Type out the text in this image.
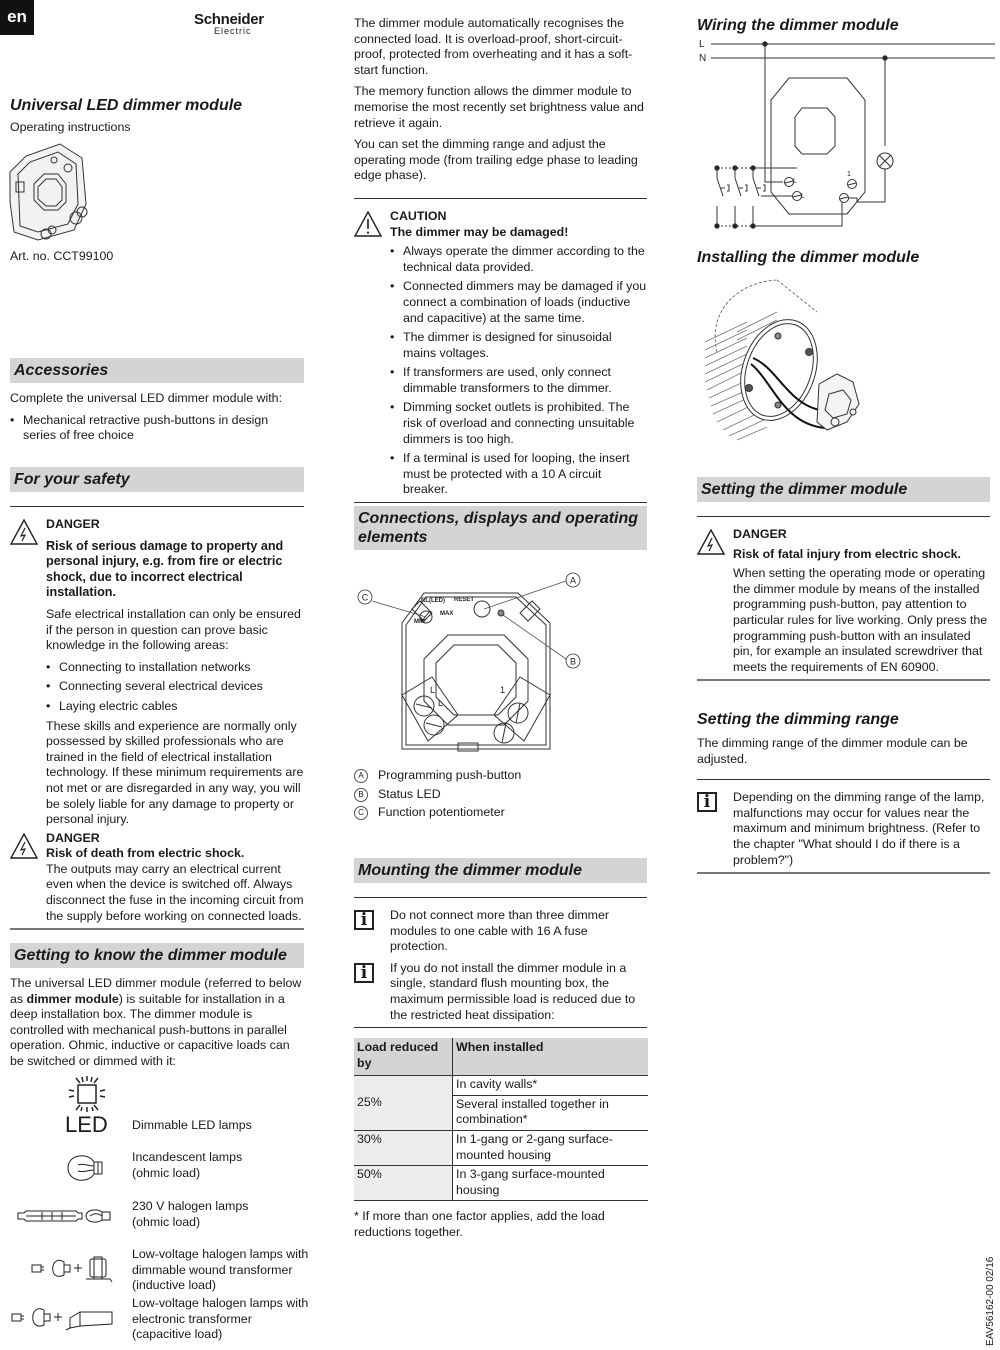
en	Schneider
Electric
Universal LED dimmer module
Operating instructions
Art. no. CCT99100
Accessories

Complete the universal LED dimmer module with:

• Mechanical retractive push-buttons in design series of free choice
For your safety
DANGER

Risk of serious damage to property and personal injury, e.g. from fire or electric shock, due to incorrect electrical installation.

Safe electrical installation can only be ensured if the person in question can prove basic knowledge in the following areas:

• Connecting to installation networks
• Connecting several electrical devices
• Laying electric cables

These skills and experience are normally only possessed by skilled professionals who are trained in the field of electrical installation technology. If these minimum requirements are not met or are disregarded in any way, you will be solely liable for any damage to property or personal injury.

DANGER
Risk of death from electric shock.

The outputs may carry an electrical current even when the device is switched off. Always disconnect the fuse in the incoming circuit from the supply before working on connected loads.

Getting to know the dimmer module

The universal LED dimmer module (referred to below as dimmer module) is suitable for installation in a deep installation box. The dimmer module is controlled with mechanical push-buttons in parallel operation. Ohmic, inductive or capacitive loads can be switched or dimmed with it:

LED Dimmable LED lamps
Incandescent lamps
(ohmic load)
230 V halogen lamps
(ohmic load)
Low-voltage halogen lamps with
dimmable wound transformer
(inductive load)
Low-voltage halogen lamps with
electronic transformer
(capacitive load)

The dimmer module automatically recognises the connected load. It is overload-proof, short-circuit-proof, protected from overheating and it has a soft-start function.

The memory function allows the dimmer module to memorise the most recently set brightness value and retrieve it again.

You can set the dimming range and adjust the operating mode (from trailing edge phase to leading edge phase).

CAUTION
The dimmer may be damaged!
• Always operate the dimmer according to the technical data provided.
• Connected dimmers may be damaged if you connect a combination of loads (inductive and capacitive) at the same time.
• The dimmer is designed for sinusoidal mains voltages.
• If transformers are used, only connect dimmable transformers to the dimmer.
• Dimming socket outlets is prohibited. The risk of overload and connecting unsuitable dimmers is too high.
• If a terminal is used for looping, the insert must be protected with a 10 A circuit breaker.
Connections, displays and operating elements
C
A
B
RL(LED) RESET
MIN
MAX
L
L
1
A	Programming push-button
B	Status LED
C	Function potentiometer
Mounting the dimmer module
i	Do not connect more than three dimmer modules to one cable with 16 A fuse protection.
i	If you do not install the dimmer module in a single, standard flush mounting box, the maximum permissible load is reduced due to the restricted heat dissipation:
Load reduced by	When installed
25%	In cavity walls*
	Several installed together in combination*
30%	In 1-gang or 2-gang surface-mounted housing
50%	In 3-gang surface-mounted housing

* If more than one factor applies, add the load reductions together.

Wiring the dimmer module
L
N
L
L
1
Installing the dimmer module
Setting the dimmer module
DANGER
Risk of fatal injury from electric shock.

When setting the operating mode or operating the dimmer module by means of the installed programming push-button, pay attention to particular rules for live working. Only press the programming push-button with an insulated pin, for example an insulated screwdriver that meets the requirements of EN 60900.

Setting the dimming range

The dimming range of the dimmer module can be adjusted.

i	Depending on the dimming range of the lamp, malfunctions may occur for values near the maximum and minimum brightness. (Refer to the chapter "What should I do if there is a problem?")
EAV56162-00 02/16
